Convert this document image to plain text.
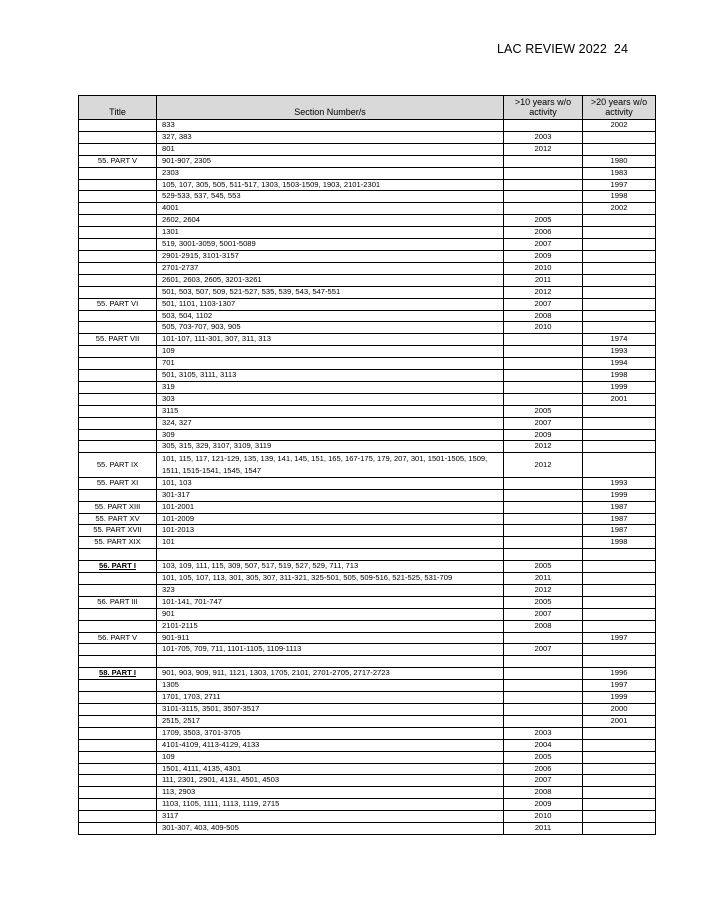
LAC REVIEW 2022 24
Title	Section Number/s	>10 years w/o activity	>20 years w/o activity
	833		2002
	327, 383	2003	
	801	2012	
55. PART V	901-907, 2305		1980
	2303		1983
	105, 107, 305, 505, 511-517, 1303, 1503-1509, 1903, 2101-2301		1997
	529-533, 537, 545, 553		1998
	4001		2002
	2602, 2604	2005	
	1301	2006	
	519, 3001-3059, 5001-5089	2007	
	2901-2915, 3101-3157	2009	
	2701-2737	2010	
	2601, 2603, 2605, 3201-3261	2011	
	501, 503, 507, 509, 521-527, 535, 539, 543, 547-551	2012	
55. PART VI	501, 1101, 1103-1307	2007	
	503, 504, 1102	2008	
	505, 703-707, 903, 905	2010	
55. PART VII	101-107, 111-301, 307, 311, 313		1974
	109		1993
	701		1994
	501, 3105, 3111, 3113		1998
	319		1999
	303		2001
	3115	2005	
	324, 327	2007	
	309	2009	
	305, 315, 329, 3107, 3109, 3119	2012	
55. PART IX	101, 115, 117, 121-129, 135, 139, 141, 145, 151, 165, 167-175, 179, 207, 301, 1501-1505, 1509, 1511, 1515-1541, 1545, 1547	2012	
55. PART XI	101, 103		1993
	301-317		1999
55. PART XIII	101-2001		1987
55. PART XV	101-2009		1987
55. PART XVII	101-2013		1987
55. PART XIX	101		1998

56. PART I	103, 109, 111, 115, 309, 507, 517, 519, 527, 529, 711, 713	2005	
	101, 105, 107, 113, 301, 305, 307, 311-321, 325-501, 505, 509-516, 521-525, 531-709	2011	
	323	2012	
56. PART III	101-141, 701-747	2005	
	901	2007	
	2101-2115	2008	
56. PART V	901-911		1997
	101-705, 709, 711, 1101-1105, 1109-1113	2007	

58. PART I	901, 903, 909, 911, 1121, 1303, 1705, 2101, 2701-2705, 2717-2723		1996
	1305		1997
	1701, 1703, 2711		1999
	3101-3115, 3501, 3507-3517		2000
	2515, 2517		2001
	1709, 3503, 3701-3705	2003	
	4101-4109, 4113-4129, 4133	2004	
	109	2005	
	1501, 4111, 4135, 4301	2006	
	111, 2301, 2901, 4131, 4501, 4503	2007	
	113, 2903	2008	
	1103, 1105, 1111, 1113, 1119, 2715	2009	
	3117	2010	
	301-307, 403, 409-505	2011	
